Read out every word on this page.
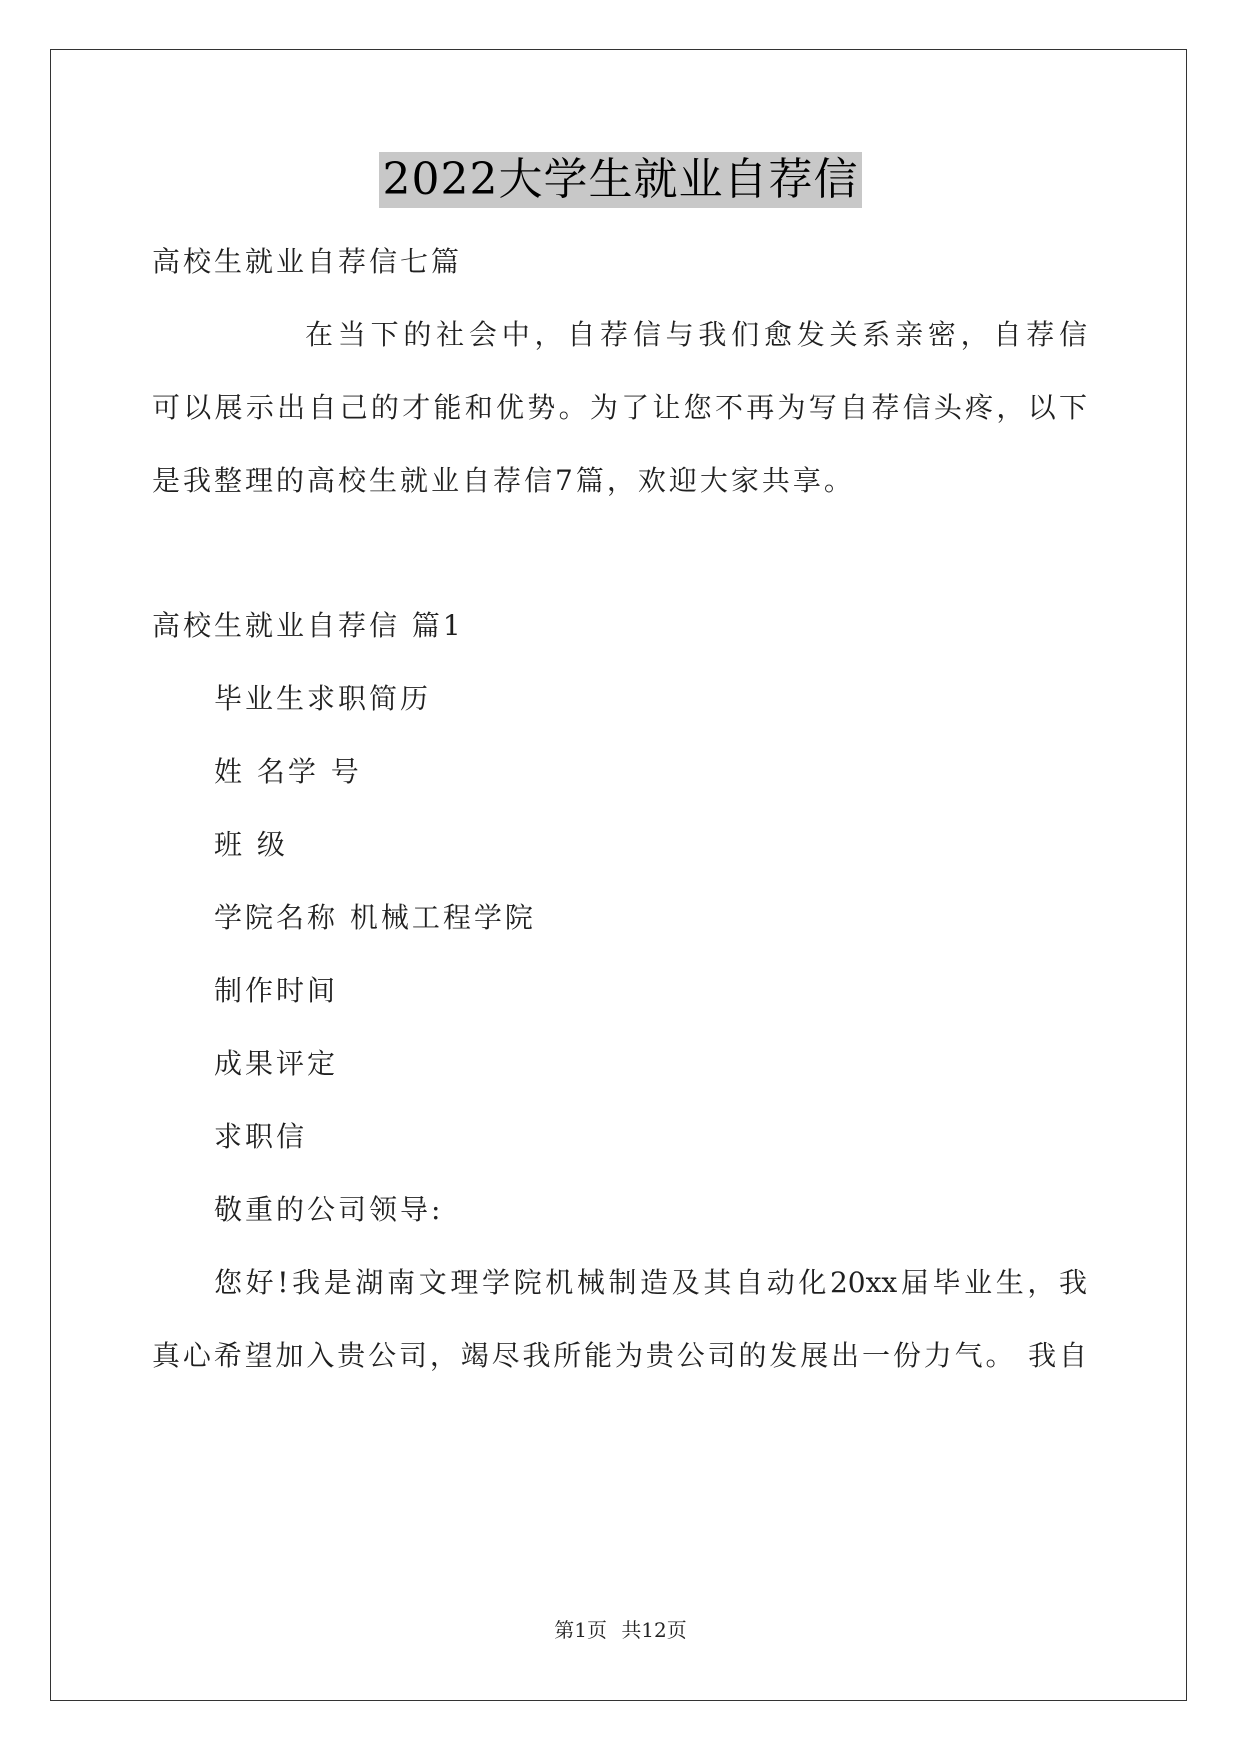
2022大学生就业自荐信
高校生就业自荐信七篇
在当下的社会中，自荐信与我们愈发关系亲密，自荐信
可以展示出自己的才能和优势。为了让您不再为写自荐信头疼，以下
是我整理的高校生就业自荐信7篇，欢迎大家共享。
高校生就业自荐信 篇1
毕业生求职简历
姓 名学 号
班 级
学院名称 机械工程学院
制作时间
成果评定
求职信
敬重的公司领导:
您好!我是湖南文理学院机械制造及其自动化20xx届毕业生，我
真心希望加入贵公司，竭尽我所能为贵公司的发展出一份力气。 我自
第1页 共12页
